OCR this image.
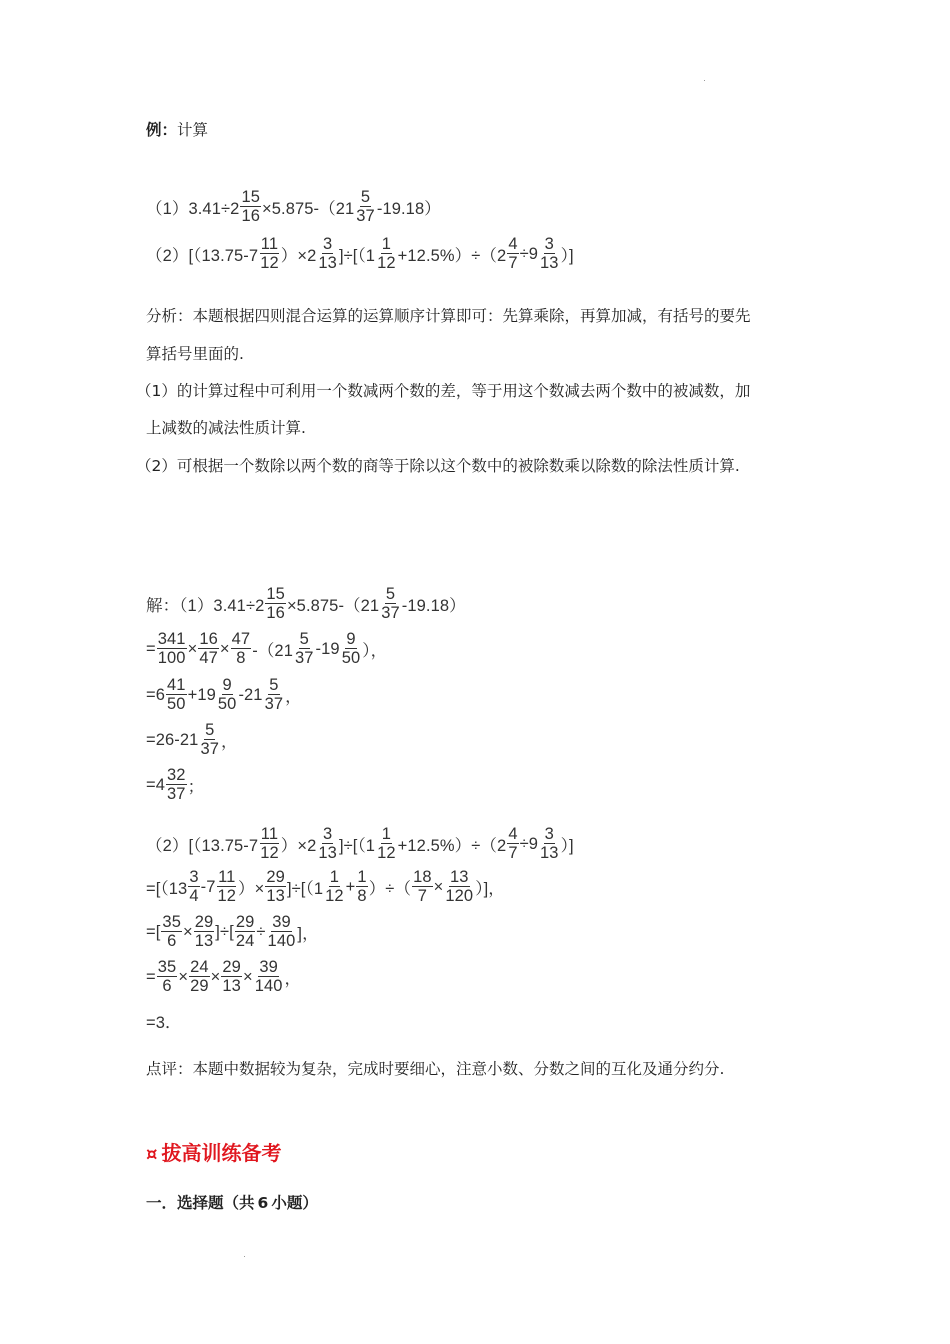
例：计算
$(1)3.41\div 2 \frac{15}{16} \times 5.875-(21 \frac{5}{37} -19.18)$
$(2)[(13.75-7 \frac{11}{12} )\times 2 \frac{3}{13} ]\div[(1 \frac{1}{12} +12.5\%)\div(2 \frac{4}{7} \div 9 \frac{3}{13}$ ）]
分析：本题根据四则混合运算的运算顺序计算即可：先算乘除，再算加减，有括号的要先
算括号里面的.
（1）的计算过程中可利用一个数减两个数的差，等于用这个数减去两个数中的被减数，加
上减数的减法性质计算.
（2）可根据一个数除以两个数的商等于除以这个数中的被除数乘以除数的除法性质计算.
解：$(1)3.41\div 2 \frac{15}{16} \times 5.875-(21 \frac{5}{37} -19.18)$
= $\frac{341}{100} \times \frac{16}{47} \times \frac{47}{8} -(21 \frac{5}{37} -19 \frac{9}{50}$ ），
$=6 \frac{41}{50} +19 \frac{9}{50} -21 \frac{5}{37}$ ，
$=26-21 \frac{5}{37}$ ，
$=4 \frac{32}{37}$ ；
$(2)[(13.75-7 \frac{11}{12} )\times 2 \frac{3}{13} ]\div[(1 \frac{1}{12} +12.5\%)\div(2 \frac{4}{7} \div 9 \frac{3}{13}$ ）]
$=[(13 \frac{3}{4} -7 \frac{11}{12}$ ）× $\frac{29}{13} ]\div[(1 \frac{1}{12} + \frac{1}{8}$ ）÷（ $\frac{18}{7} \times \frac{13}{120}$ ）]，
=[ $\frac{35}{6} \times \frac{29}{13}$ ]÷[ $\frac{29}{24} \div \frac{39}{140}$ ]，
= $\frac{35}{6} \times \frac{24}{29} \times \frac{29}{13} \times \frac{39}{140}$ ，
=3．
点评：本题中数据较为复杂，完成时要细心，注意小数、分数之间的互化及通分约分.
¤ 拔高训练备考
一．选择题（共 6 小题）
